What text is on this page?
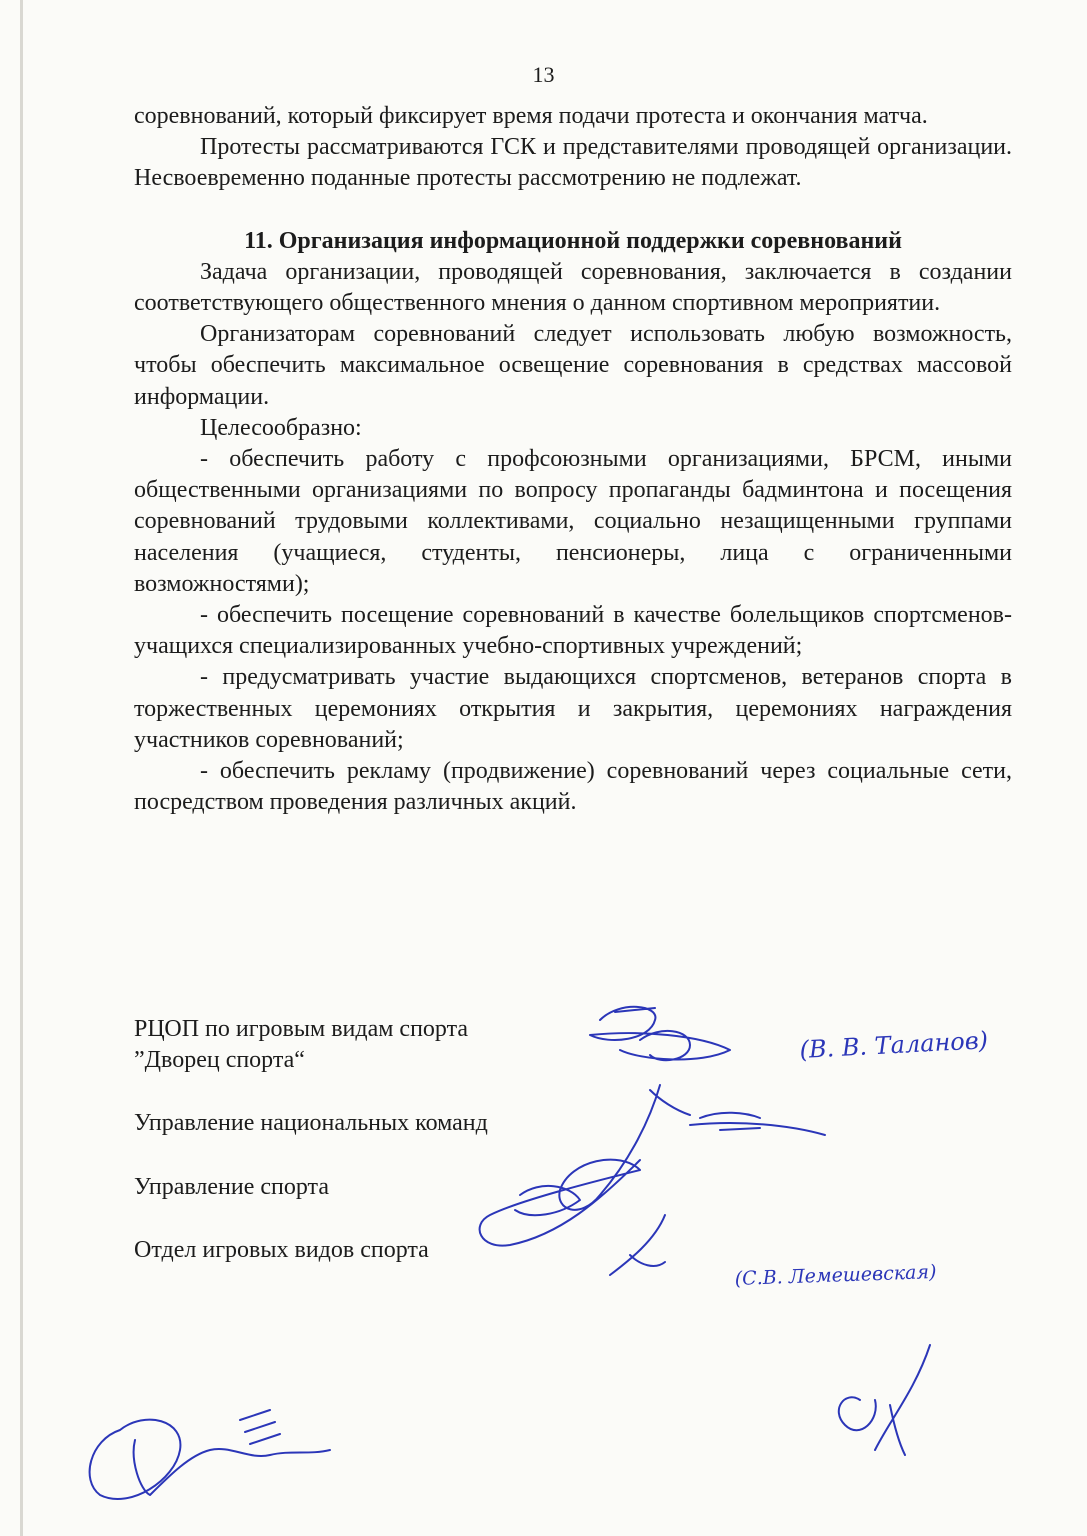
13

соревнований, который фиксирует время подачи протеста и окончания матча.

Протесты рассматриваются ГСК и представителями проводящей организации. Несвоевременно поданные протесты рассмотрению не подлежат.

11. Организация информационной поддержки соревнований

Задача организации, проводящей соревнования, заключается в создании соответствующего общественного мнения о данном спортивном мероприятии.

Организаторам соревнований следует использовать любую возможность, чтобы обеспечить максимальное освещение соревнования в средствах массовой информации.

Целесообразно:

- обеспечить работу с профсоюзными организациями, БРСМ, иными общественными организациями по вопросу пропаганды бадминтона и посещения соревнований трудовыми коллективами, социально незащищенными группами населения (учащиеся, студенты, пенсионеры, лица с ограниченными возможностями);

- обеспечить посещение соревнований в качестве болельщиков спортсменов-учащихся специализированных учебно-спортивных учреждений;

- предусматривать участие выдающихся спортсменов, ветеранов спорта в торжественных церемониях открытия и закрытия, церемониях награждения участников соревнований;

- обеспечить рекламу (продвижение) соревнований через социальные сети, посредством проведения различных акций.

РЦОП по игровым видам спорта
”Дворец спорта“
Управление национальных команд
Управление спорта
Отдел игровых видов спорта
(В. В. Таланов)
(С.В. Лемешевская)
